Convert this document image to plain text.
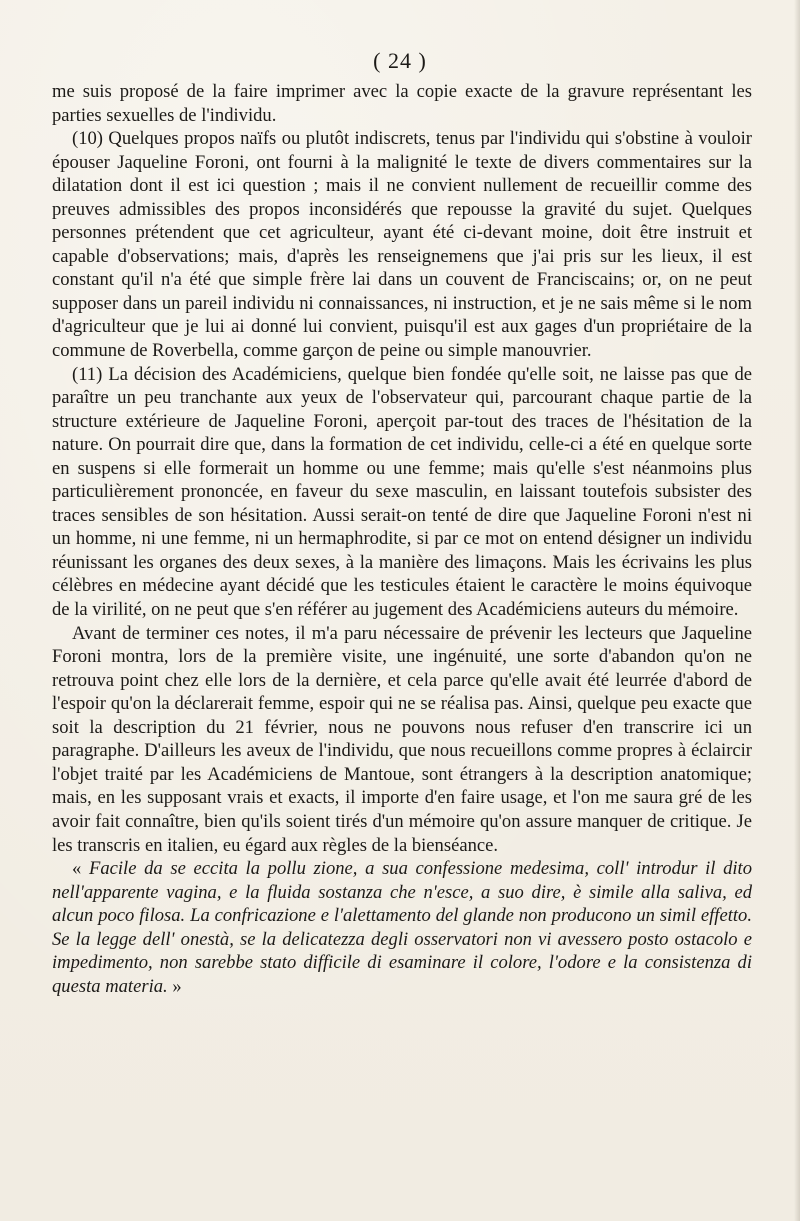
( 24 )

me suis proposé de la faire imprimer avec la copie exacte de la gravure représentant les parties sexuelles de l'individu.

(10) Quelques propos naïfs ou plutôt indiscrets, tenus par l'individu qui s'obstine à vouloir épouser Jaqueline Foroni, ont fourni à la malignité le texte de divers commentaires sur la dilatation dont il est ici question ; mais il ne convient nullement de recueillir comme des preuves admissibles des propos inconsidérés que repousse la gravité du sujet. Quelques personnes prétendent que cet agriculteur, ayant été ci-devant moine, doit être instruit et capable d'observations; mais, d'après les renseignemens que j'ai pris sur les lieux, il est constant qu'il n'a été que simple frère lai dans un couvent de Franciscains; or, on ne peut supposer dans un pareil individu ni connaissances, ni instruction, et je ne sais même si le nom d'agriculteur que je lui ai donné lui convient, puisqu'il est aux gages d'un propriétaire de la commune de Roverbella, comme garçon de peine ou simple manouvrier.

(11) La décision des Académiciens, quelque bien fondée qu'elle soit, ne laisse pas que de paraître un peu tranchante aux yeux de l'observateur qui, parcourant chaque partie de la structure extérieure de Jaqueline Foroni, aperçoit par-tout des traces de l'hésitation de la nature. On pourrait dire que, dans la formation de cet individu, celle-ci a été en quelque sorte en suspens si elle formerait un homme ou une femme; mais qu'elle s'est néanmoins plus particulièrement prononcée, en faveur du sexe masculin, en laissant toutefois subsister des traces sensibles de son hésitation. Aussi serait-on tenté de dire que Jaqueline Foroni n'est ni un homme, ni une femme, ni un hermaphrodite, si par ce mot on entend désigner un individu réunissant les organes des deux sexes, à la manière des limaçons. Mais les écrivains les plus célèbres en médecine ayant décidé que les testicules étaient le caractère le moins équivoque de la virilité, on ne peut que s'en référer au jugement des Académiciens auteurs du mémoire.

Avant de terminer ces notes, il m'a paru nécessaire de prévenir les lecteurs que Jaqueline Foroni montra, lors de la première visite, une ingénuité, une sorte d'abandon qu'on ne retrouva point chez elle lors de la dernière, et cela parce qu'elle avait été leurrée d'abord de l'espoir qu'on la déclarerait femme, espoir qui ne se réalisa pas. Ainsi, quelque peu exacte que soit la description du 21 février, nous ne pouvons nous refuser d'en transcrire ici un paragraphe. D'ailleurs les aveux de l'individu, que nous recueillons comme propres à éclaircir l'objet traité par les Académiciens de Mantoue, sont étrangers à la description anatomique; mais, en les supposant vrais et exacts, il importe d'en faire usage, et l'on me saura gré de les avoir fait connaître, bien qu'ils soient tirés d'un mémoire qu'on assure manquer de critique. Je les transcris en italien, eu égard aux règles de la bienséance.

« Facile da se eccita la pollu zione, a sua confessione medesima, coll' introdur il dito nell'apparente vagina, e la fluida sostanza che n'esce, a suo dire, è simile alla saliva, ed alcun poco filosa. La confricazione e l'alettamento del glande non producono un simil effetto. Se la legge dell' onestà, se la delicatezza degli osservatori non vi avessero posto ostacolo e impedimento, non sarebbe stato difficile di esaminare il colore, l'odore e la consistenza di questa materia. »
